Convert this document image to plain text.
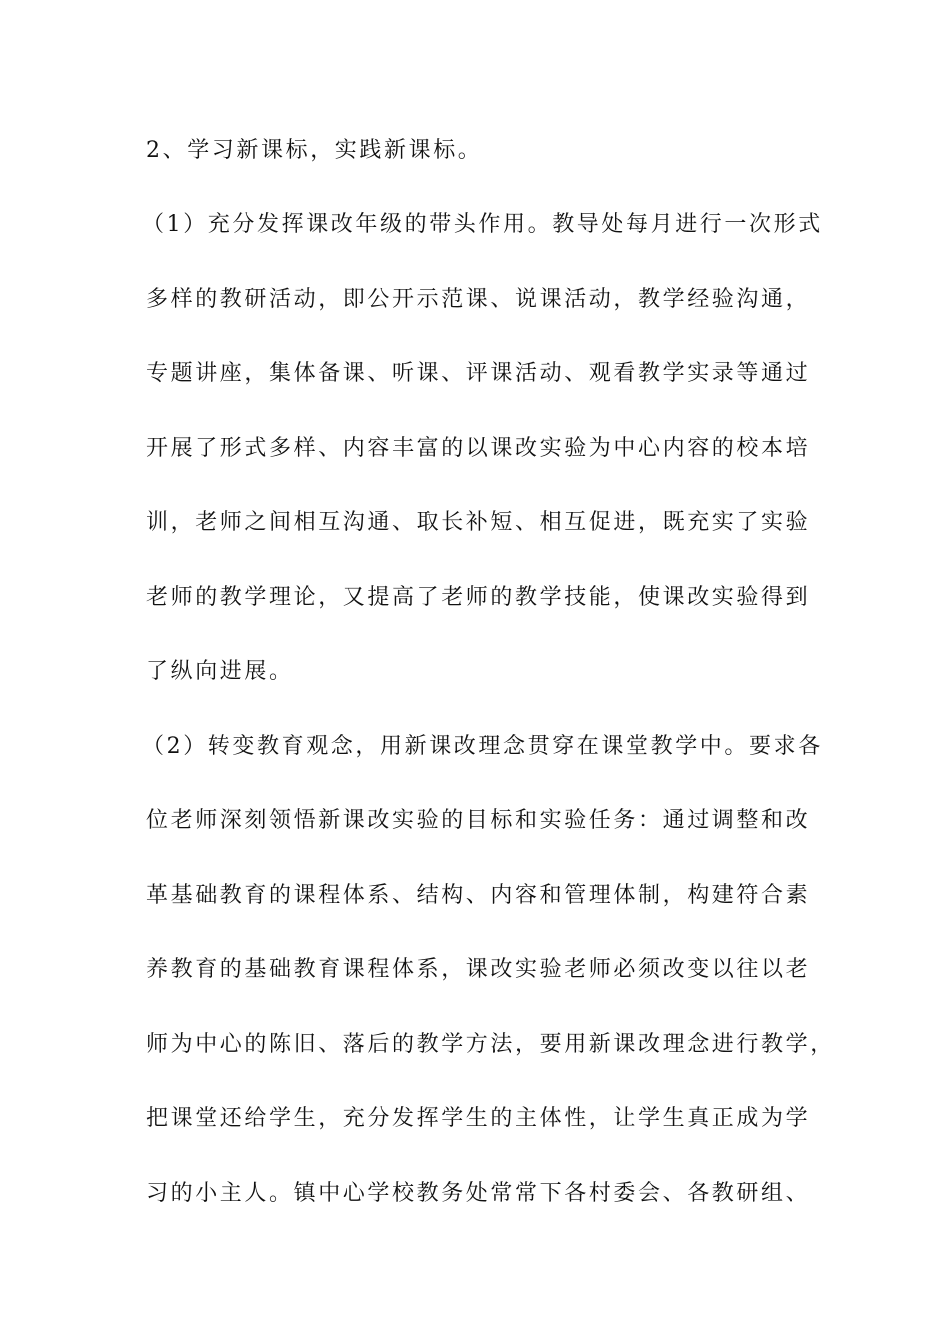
2、学习新课标，实践新课标。
（1）充分发挥课改年级的带头作用。教导处每月进行一次形式
多样的教研活动，即公开示范课、说课活动，教学经验沟通，
专题讲座，集体备课、听课、评课活动、观看教学实录等通过
开展了形式多样、内容丰富的以课改实验为中心内容的校本培
训，老师之间相互沟通、取长补短、相互促进，既充实了实验
老师的教学理论，又提高了老师的教学技能，使课改实验得到
了纵向进展。
（2）转变教育观念，用新课改理念贯穿在课堂教学中。要求各
位老师深刻领悟新课改实验的目标和实验任务：通过调整和改
革基础教育的课程体系、结构、内容和管理体制，构建符合素
养教育的基础教育课程体系，课改实验老师必须改变以往以老
师为中心的陈旧、落后的教学方法，要用新课改理念进行教学，
把课堂还给学生，充分发挥学生的主体性，让学生真正成为学
习的小主人。镇中心学校教务处常常下各村委会、各教研组、
